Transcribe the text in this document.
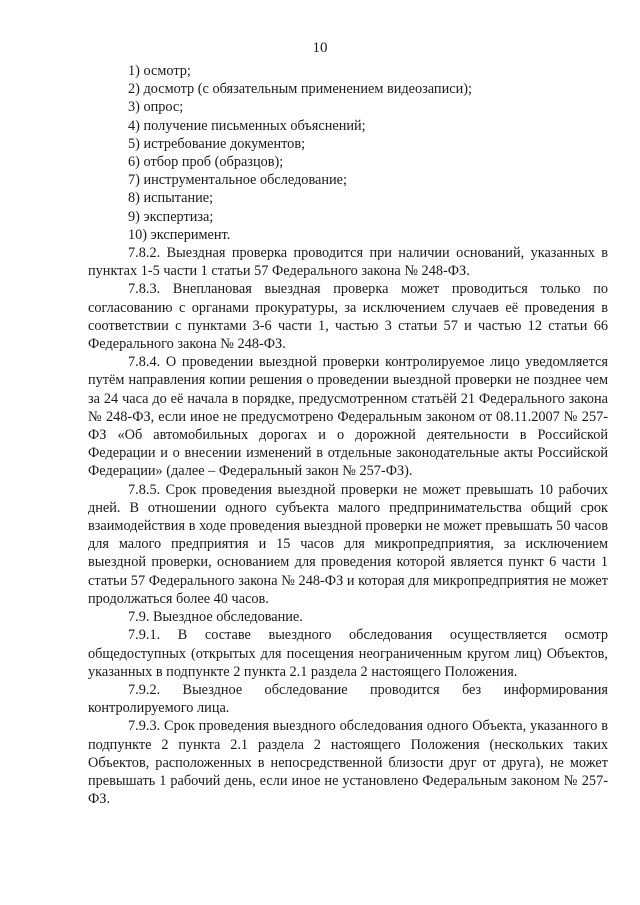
10
1) осмотр;
2) досмотр (с обязательным применением видеозаписи);
3) опрос;
4) получение письменных объяснений;
5) истребование документов;
6) отбор проб (образцов);
7) инструментальное обследование;
8) испытание;
9) экспертиза;
10) эксперимент.

7.8.2. Выездная проверка проводится при наличии оснований, указанных в пунктах 1-5 части 1 статьи 57 Федерального закона № 248-ФЗ.

7.8.3. Внеплановая выездная проверка может проводиться только по согласованию с органами прокуратуры, за исключением случаев её проведения в соответствии с пунктами 3-6 части 1, частью 3 статьи 57 и частью 12 статьи 66 Федерального закона № 248-ФЗ.

7.8.4. О проведении выездной проверки контролируемое лицо уведомляется путём направления копии решения о проведении выездной проверки не позднее чем за 24 часа до её начала в порядке, предусмотренном статьёй 21 Федерального закона № 248-ФЗ, если иное не предусмотрено Федеральным законом от 08.11.2007 № 257-ФЗ «Об автомобильных дорогах и о дорожной деятельности в Российской Федерации и о внесении изменений в отдельные законодательные акты Российской Федерации» (далее – Федеральный закон № 257-ФЗ).

7.8.5. Срок проведения выездной проверки не может превышать 10 рабочих дней. В отношении одного субъекта малого предпринимательства общий срок взаимодействия в ходе проведения выездной проверки не может превышать 50 часов для малого предприятия и 15 часов для микропредприятия, за исключением выездной проверки, основанием для проведения которой является пункт 6 части 1 статьи 57 Федерального закона № 248-ФЗ и которая для микропредприятия не может продолжаться более 40 часов.

7.9. Выездное обследование.

7.9.1. В составе выездного обследования осуществляется осмотр общедоступных (открытых для посещения неограниченным кругом лиц) Объектов, указанных в подпункте 2 пункта 2.1 раздела 2 настоящего Положения.

7.9.2. Выездное обследование проводится без информирования контролируемого лица.

7.9.3. Срок проведения выездного обследования одного Объекта, указанного в подпункте 2 пункта 2.1 раздела 2 настоящего Положения (нескольких таких Объектов, расположенных в непосредственной близости друг от друга), не может превышать 1 рабочий день, если иное не установлено Федеральным законом № 257-ФЗ.
